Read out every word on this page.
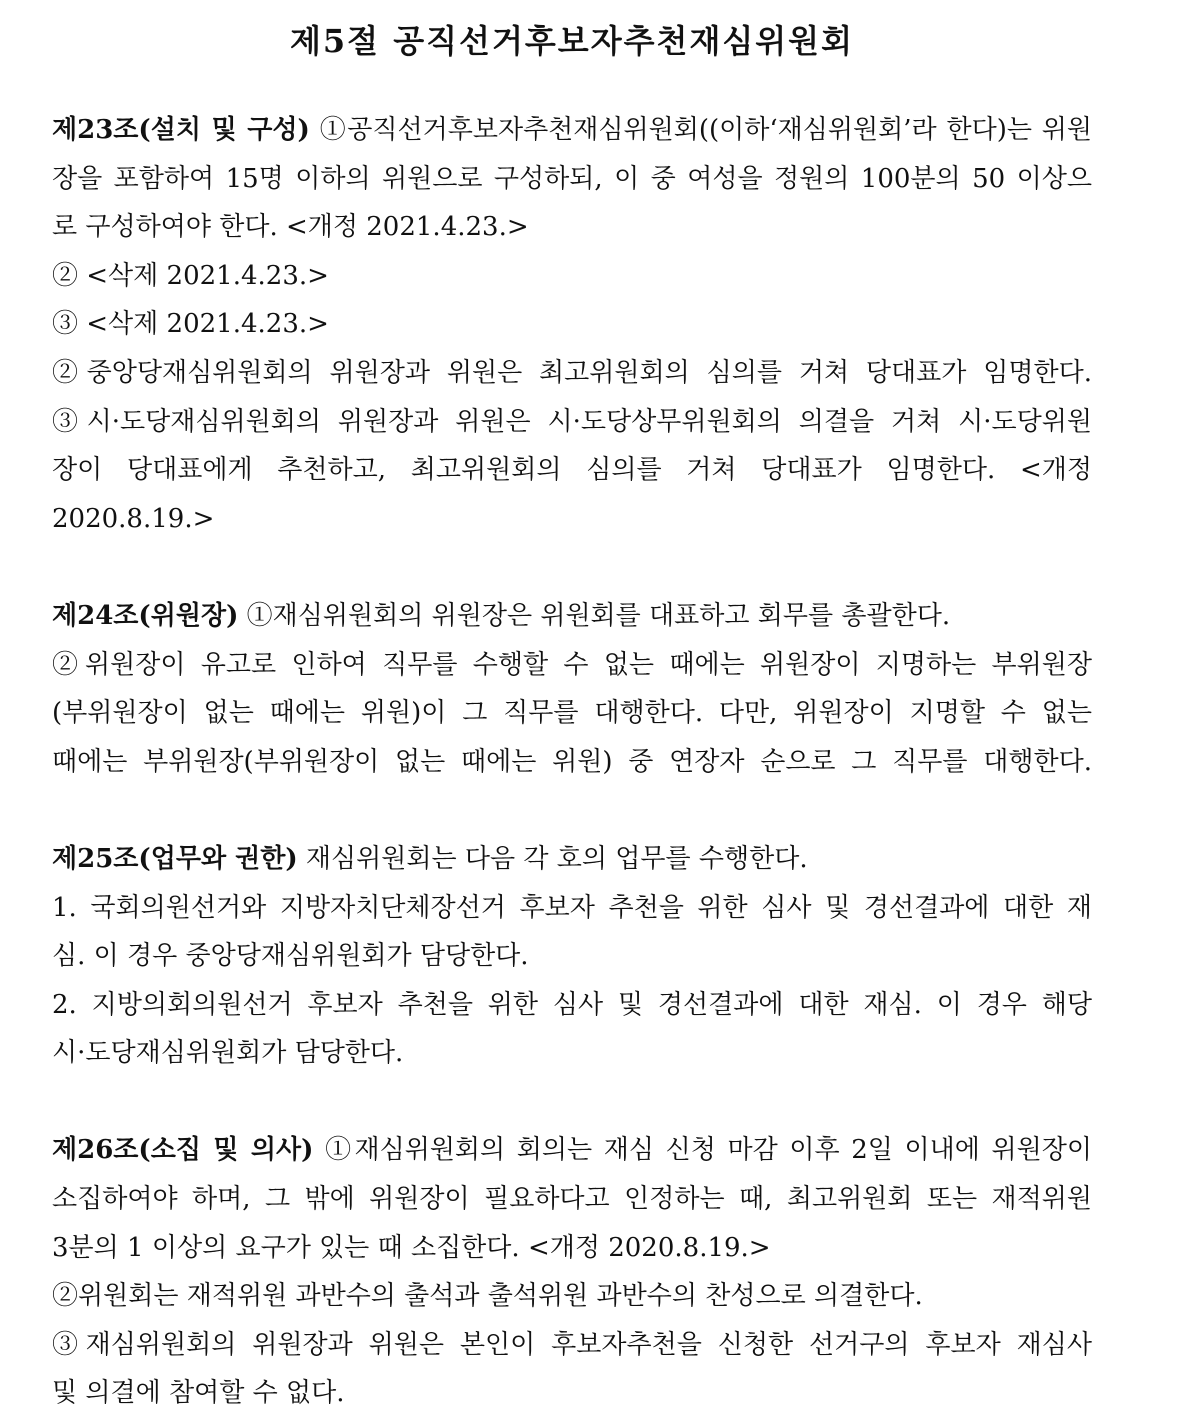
제5절 공직선거후보자추천재심위원회
제23조(설치 및 구성) ①공직선거후보자추천재심위원회((이하‘재심위원회’라 한다)는 위원
장을 포함하여 15명 이하의 위원으로 구성하되, 이 중 여성을 정원의 100분의 50 이상으
로 구성하여야 한다. <개정 2021.4.23.>
② <삭제 2021.4.23.>
③ <삭제 2021.4.23.>
②중앙당재심위원회의 위원장과 위원은 최고위원회의 심의를 거쳐 당대표가 임명한다.
③시·도당재심위원회의 위원장과 위원은 시·도당상무위원회의 의결을 거쳐 시·도당위원
장이 당대표에게 추천하고, 최고위원회의 심의를 거쳐 당대표가 임명한다. <개정
2020.8.19.>
제24조(위원장) ①재심위원회의 위원장은 위원회를 대표하고 회무를 총괄한다.
②위원장이 유고로 인하여 직무를 수행할 수 없는 때에는 위원장이 지명하는 부위원장
(부위원장이 없는 때에는 위원)이 그 직무를 대행한다. 다만, 위원장이 지명할 수 없는
때에는 부위원장(부위원장이 없는 때에는 위원) 중 연장자 순으로 그 직무를 대행한다.
제25조(업무와 권한) 재심위원회는 다음 각 호의 업무를 수행한다.
1. 국회의원선거와 지방자치단체장선거 후보자 추천을 위한 심사 및 경선결과에 대한 재
심. 이 경우 중앙당재심위원회가 담당한다.
2. 지방의회의원선거 후보자 추천을 위한 심사 및 경선결과에 대한 재심. 이 경우 해당
시·도당재심위원회가 담당한다.
제26조(소집 및 의사) ①재심위원회의 회의는 재심 신청 마감 이후 2일 이내에 위원장이
소집하여야 하며, 그 밖에 위원장이 필요하다고 인정하는 때, 최고위원회 또는 재적위원
3분의 1 이상의 요구가 있는 때 소집한다. <개정 2020.8.19.>
②위원회는 재적위원 과반수의 출석과 출석위원 과반수의 찬성으로 의결한다.
③재심위원회의 위원장과 위원은 본인이 후보자추천을 신청한 선거구의 후보자 재심사
및 의결에 참여할 수 없다.
